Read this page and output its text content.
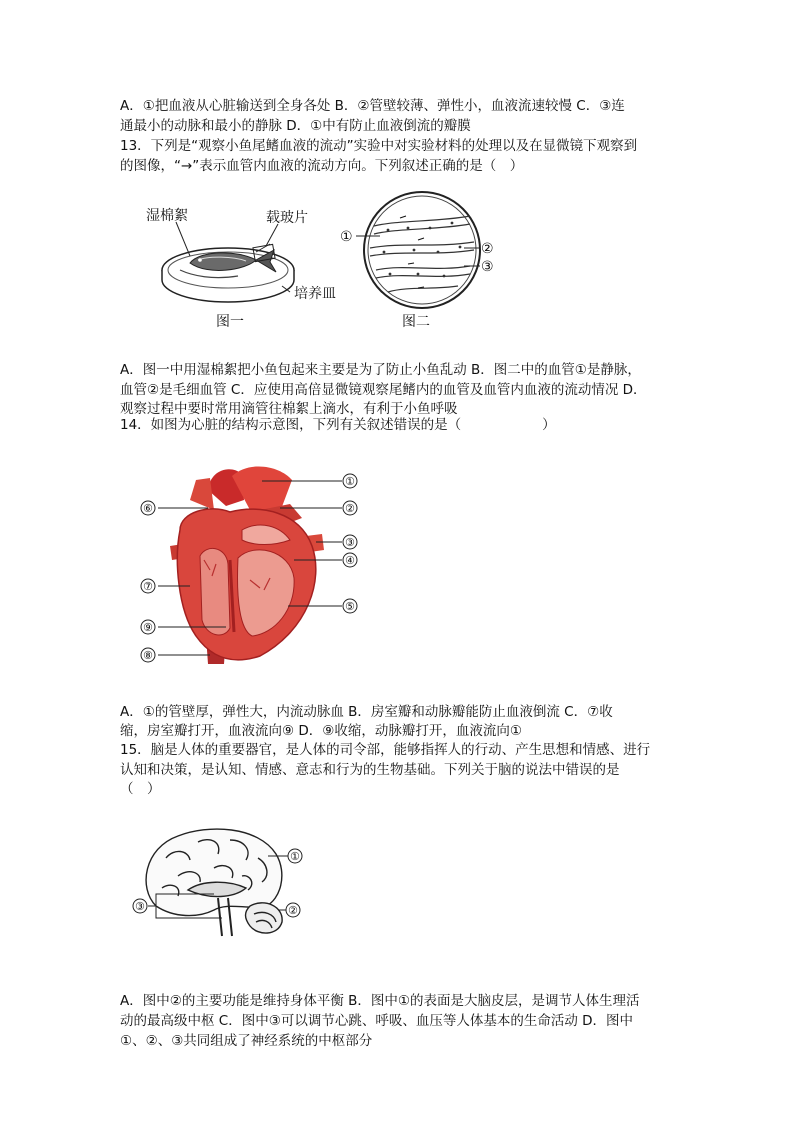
A．①把血液从心脏输送到全身各处 B．②管壁较薄、弹性小，血液流速较慢 C．③连
通最小的动脉和最小的静脉 D．①中有防止血液倒流的瓣膜
13．下列是“观察小鱼尾鳍血液的流动”实验中对实验材料的处理以及在显微镜下观察到
的图像，“→”表示血管内血液的流动方向。下列叙述正确的是（　）
湿棉絮	载玻片
培养皿
图一
①
②
③
图二
A．图一中用湿棉絮把小鱼包起来主要是为了防止小鱼乱动 B．图二中的血管①是静脉，
血管②是毛细血管 C．应使用高倍显微镜观察尾鳍内的血管及血管内血液的流动情况 D．
观察过程中要时常用滴管往棉絮上滴水，有利于小鱼呼吸
14．如图为心脏的结构示意图，下列有关叙述错误的是（　　　　　　）
①
②
③
④
⑤
⑥
⑦
⑧
⑨
A．①的管壁厚，弹性大，内流动脉血 B．房室瓣和动脉瓣能防止血液倒流 C．⑦收
缩，房室瓣打开，血液流向⑨ D．⑨收缩，动脉瓣打开，血液流向①
15．脑是人体的重要器官，是人体的司令部，能够指挥人的行动、产生思想和情感、进行
认知和决策，是认知、情感、意志和行为的生物基础。下列关于脑的说法中错误的是
（　）
①
②
③
A．图中②的主要功能是维持身体平衡 B．图中①的表面是大脑皮层，是调节人体生理活
动的最高级中枢 C．图中③可以调节心跳、呼吸、血压等人体基本的生命活动 D．图中
①、②、③共同组成了神经系统的中枢部分
